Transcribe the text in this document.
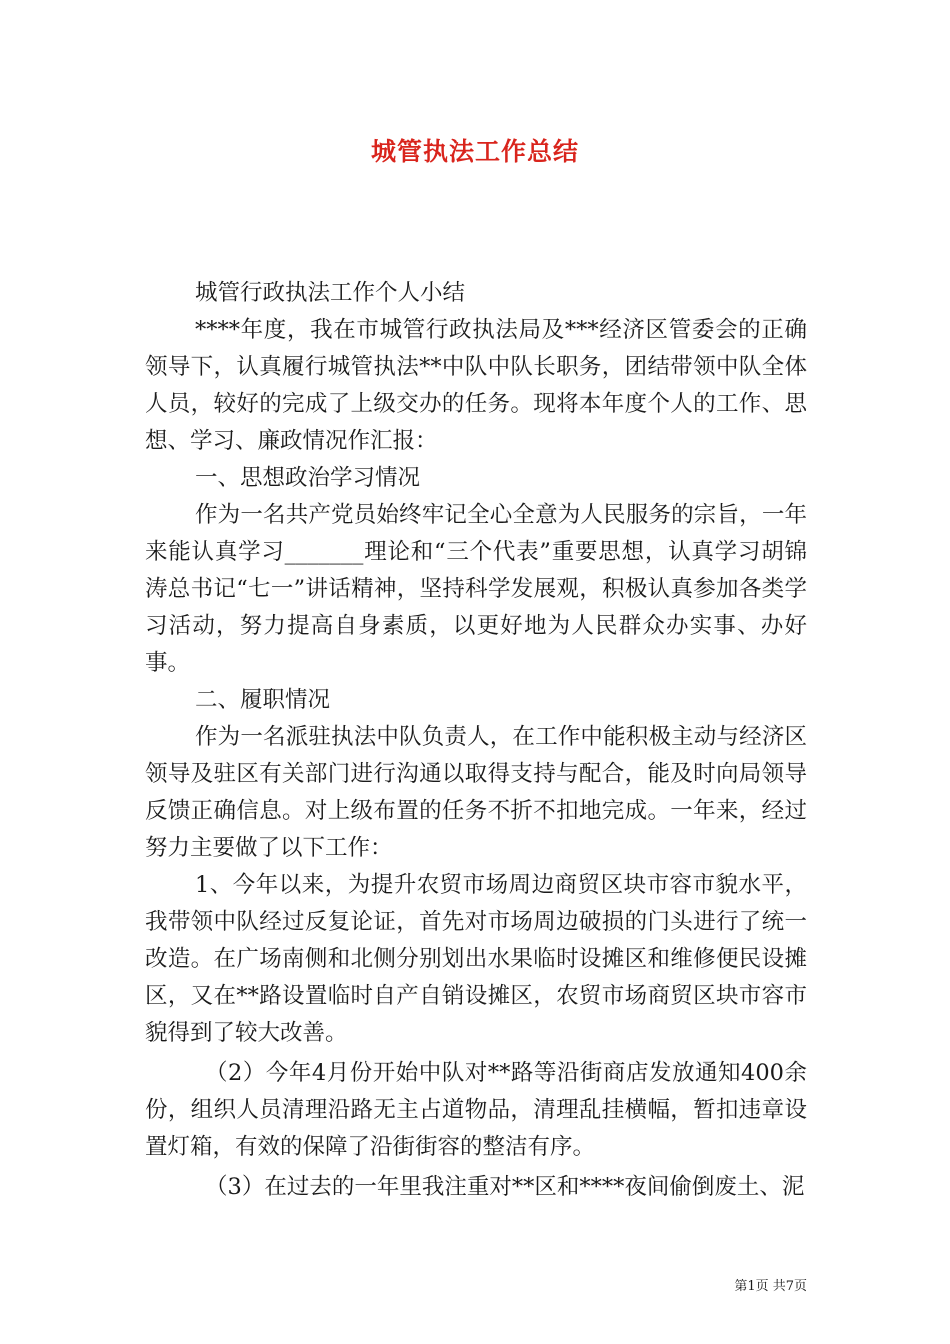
城管执法工作总结

城管行政执法工作个人小结

****年度，我在市城管行政执法局及***经济区管委会的正确领导下，认真履行城管执法**中队中队长职务，团结带领中队全体人员，较好的完成了上级交办的任务。现将本年度个人的工作、思想、学习、廉政情况作汇报：

一、思想政治学习情况

作为一名共产党员始终牢记全心全意为人民服务的宗旨，一年来能认真学习_______理论和“三个代表”重要思想，认真学习胡锦涛总书记“七一”讲话精神，坚持科学发展观，积极认真参加各类学习活动，努力提高自身素质，以更好地为人民群众办实事、办好事。

二、履职情况

作为一名派驻执法中队负责人，在工作中能积极主动与经济区领导及驻区有关部门进行沟通以取得支持与配合，能及时向局领导反馈正确信息。对上级布置的任务不折不扣地完成。一年来，经过努力主要做了以下工作：

1、今年以来，为提升农贸市场周边商贸区块市容市貌水平，我带领中队经过反复论证，首先对市场周边破损的门头进行了统一改造。在广场南侧和北侧分别划出水果临时设摊区和维修便民设摊区，又在**路设置临时自产自销设摊区，农贸市场商贸区块市容市貌得到了较大改善。

（2）今年4月份开始中队对**路等沿街商店发放通知400余份，组织人员清理沿路无主占道物品，清理乱挂横幅，暂扣违章设置灯箱，有效的保障了沿街街容的整洁有序。

（3）在过去的一年里我注重对**区和****夜间偷倒废土、泥

第1页 共7页
